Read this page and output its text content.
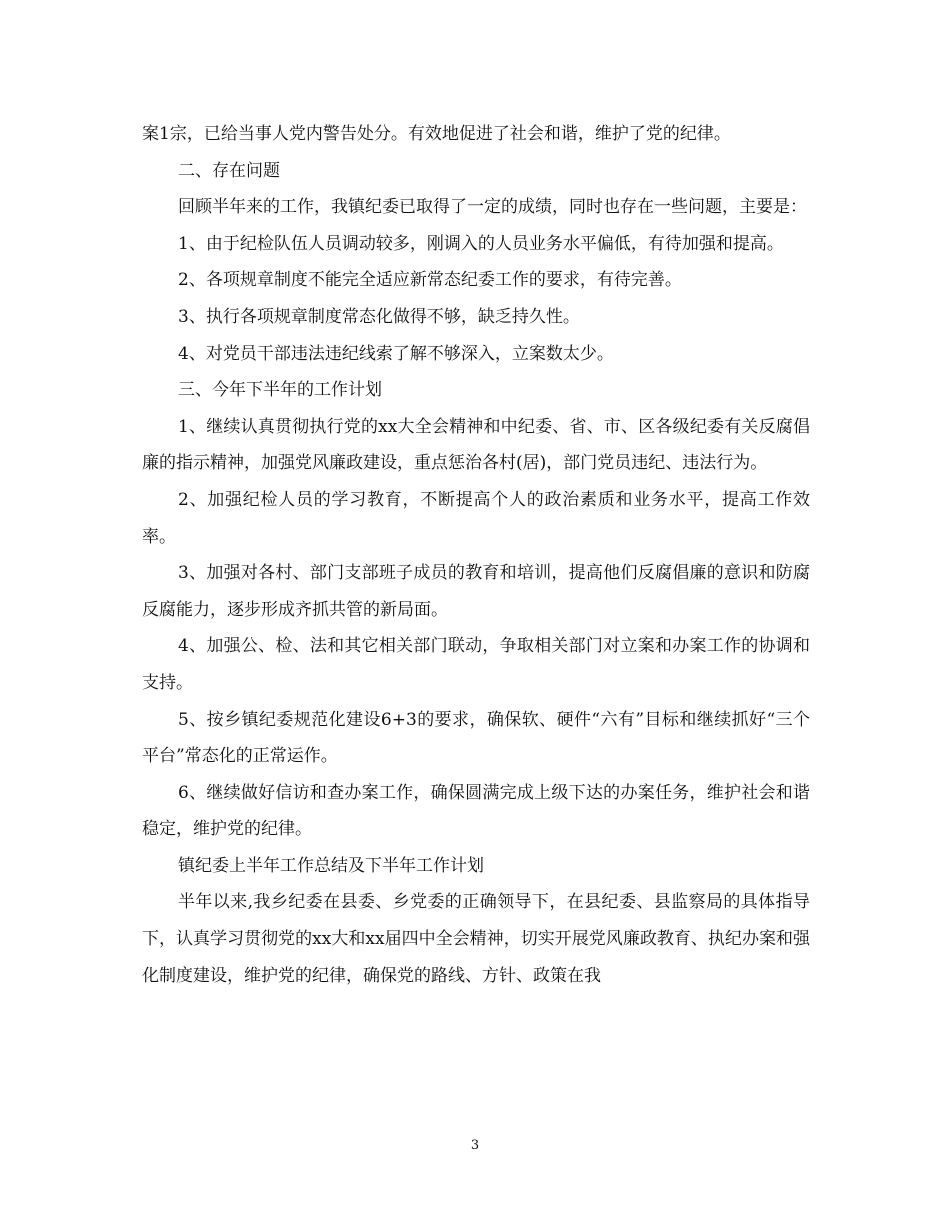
案1宗，已给当事人党内警告处分。有效地促进了社会和谐，维护了党的纪律。

二、存在问题

回顾半年来的工作，我镇纪委已取得了一定的成绩，同时也存在一些问题，主要是：

1、由于纪检队伍人员调动较多，刚调入的人员业务水平偏低，有待加强和提高。

2、各项规章制度不能完全适应新常态纪委工作的要求，有待完善。

3、执行各项规章制度常态化做得不够，缺乏持久性。

4、对党员干部违法违纪线索了解不够深入，立案数太少。

三、今年下半年的工作计划

1、继续认真贯彻执行党的xx大全会精神和中纪委、省、市、区各级纪委有关反腐倡廉的指示精神，加强党风廉政建设，重点惩治各村(居)，部门党员违纪、违法行为。

2、加强纪检人员的学习教育，不断提高个人的政治素质和业务水平，提高工作效率。

3、加强对各村、部门支部班子成员的教育和培训，提高他们反腐倡廉的意识和防腐反腐能力，逐步形成齐抓共管的新局面。

4、加强公、检、法和其它相关部门联动，争取相关部门对立案和办案工作的协调和支持。

5、按乡镇纪委规范化建设6+3的要求，确保软、硬件“六有”目标和继续抓好“三个平台”常态化的正常运作。

6、继续做好信访和查办案工作，确保圆满完成上级下达的办案任务，维护社会和谐稳定，维护党的纪律。

镇纪委上半年工作总结及下半年工作计划

半年以来,我乡纪委在县委、乡党委的正确领导下，在县纪委、县监察局的具体指导下，认真学习贯彻党的xx大和xx届四中全会精神，切实开展党风廉政教育、执纪办案和强化制度建设，维护党的纪律，确保党的路线、方针、政策在我

3
